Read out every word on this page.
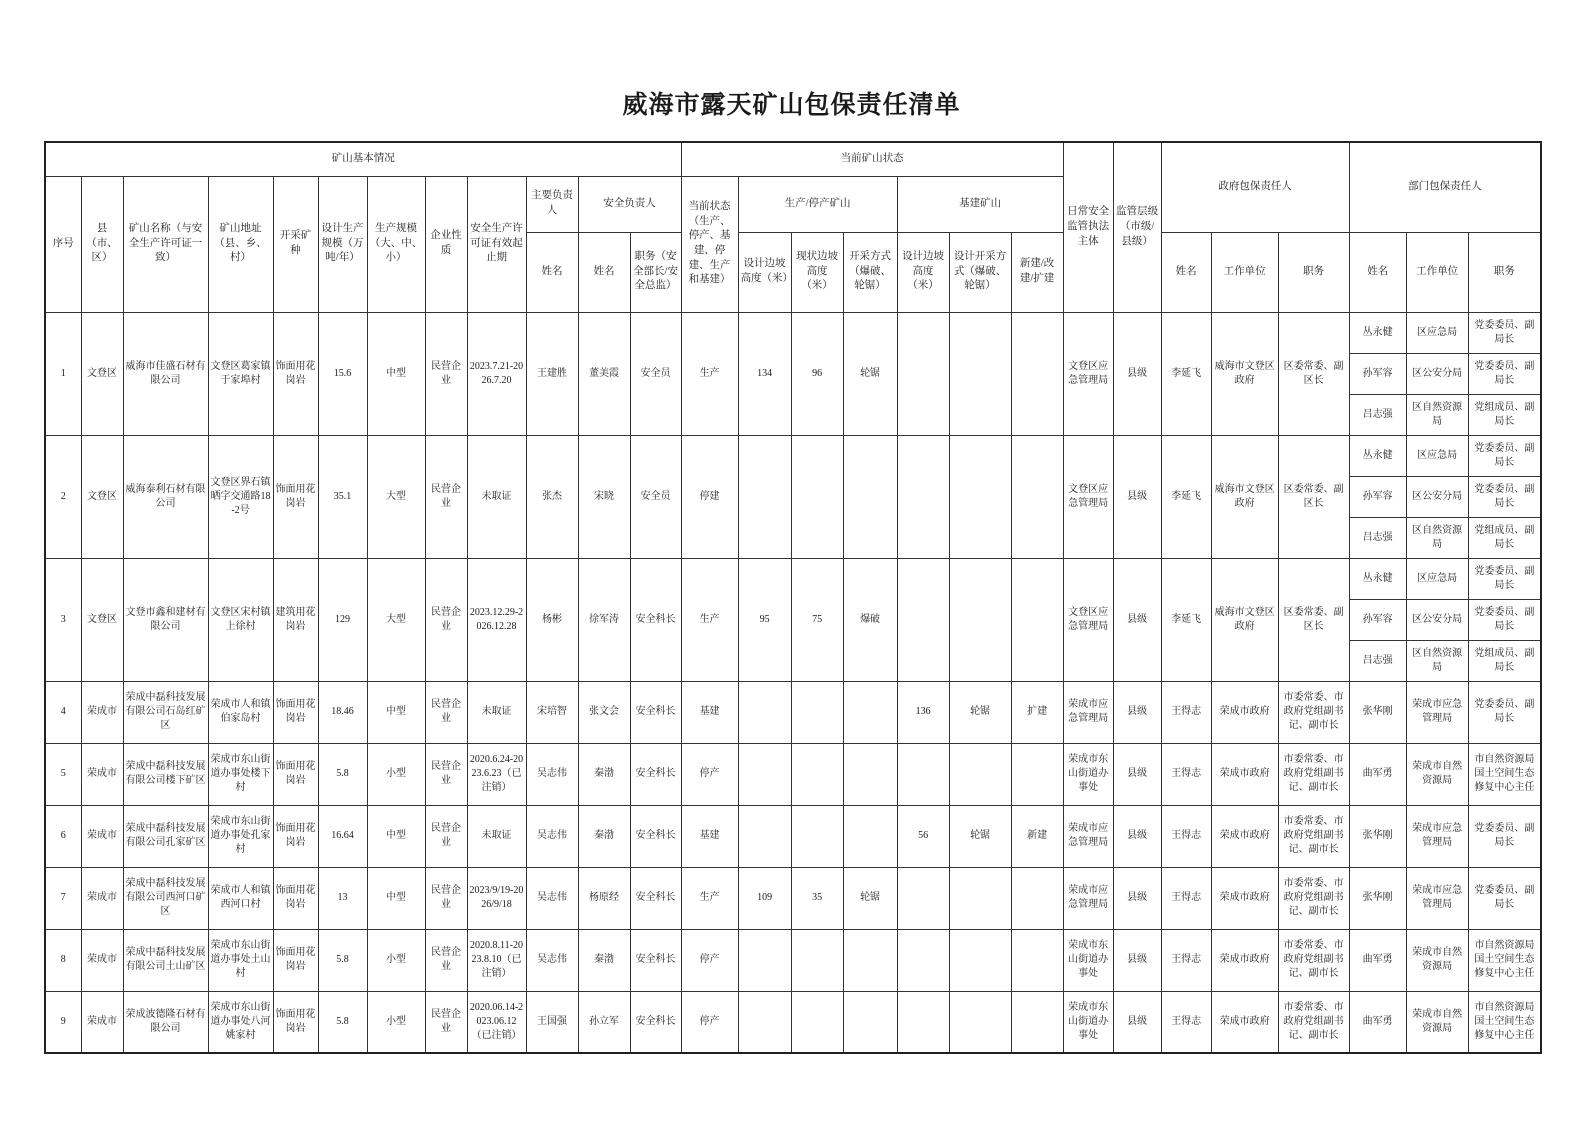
威海市露天矿山包保责任清单
矿山基本情况												当前矿山状态							日常安全监管执法主体	监管层级（市级/县级）	政府包保责任人			部门包保责任人		
序号	县（市、区）	矿山名称（与安全生产许可证一致）	矿山地址（县、乡、村）	开采矿种	设计生产规模（万吨/年）	生产规模（大、中、小）	企业性质	安全生产许可证有效起止期	主要负责人	安全负责人		当前状态（生产、停产、基建、停建、生产和基建）	生产/停产矿山			基建矿山										
									姓名	姓名	职务（安全部长/安全总监）		设计边坡高度（米）	现状边坡高度（米）	开采方式（爆破、轮锯）	设计边坡高度（米）	设计开采方式（爆破、轮锯）	新建/改建/扩建			姓名	工作单位	职务	姓名	工作单位	职务
1	文登区	威海市佳盛石材有限公司	文登区葛家镇于家埠村	饰面用花岗岩	15.6	中型	民营企业	2023.7.21-2026.7.20	王建胜	董美霞	安全员	生产	134	96	轮锯				文登区应急管理局	县级	李延飞	威海市文登区政府	区委常委、副区长	丛永健	区应急局	党委委员、副局长
																								孙军容	区公安分局	党委委员、副局长
																								吕志强	区自然资源局	党组成员、副局长
2	文登区	威海泰利石材有限公司	文登区界石镇晒字交通路18-2号	饰面用花岗岩	35.1	大型	民营企业	未取证	张杰	宋晓	安全员	停建							文登区应急管理局	县级	李延飞	威海市文登区政府	区委常委、副区长	丛永健	区应急局	党委委员、副局长
																								孙军容	区公安分局	党委委员、副局长
																								吕志强	区自然资源局	党组成员、副局长
3	文登区	文登市鑫和建材有限公司	文登区宋村镇上徐村	建筑用花岗岩	129	大型	民营企业	2023.12.29-2026.12.28	杨彬	徐军涛	安全科长	生产	95	75	爆破				文登区应急管理局	县级	李延飞	威海市文登区政府	区委常委、副区长	丛永健	区应急局	党委委员、副局长
																								孙军容	区公安分局	党委委员、副局长
																								吕志强	区自然资源局	党组成员、副局长
4	荣成市	荣成中磊科技发展有限公司石岛红矿区	荣成市人和镇伯家岛村	饰面用花岗岩	18.46	中型	民营企业	未取证	宋培智	张文会	安全科长	基建				136	轮锯	扩建	荣成市应急管理局	县级	王得志	荣成市政府	市委常委、市政府党组副书记、副市长	张华刚	荣成市应急管理局	党委委员、副局长
5	荣成市	荣成中磊科技发展有限公司楼下矿区	荣成市东山街道办事处楼下村	饰面用花岗岩	5.8	小型	民营企业	2020.6.24-2023.6.23（已注销）	吴志伟	秦渤	安全科长	停产							荣成市东山街道办事处	县级	王得志	荣成市政府	市委常委、市政府党组副书记、副市长	曲军勇	荣成市自然资源局	市自然资源局国土空间生态修复中心主任
6	荣成市	荣成中磊科技发展有限公司孔家矿区	荣成市东山街道办事处孔家村	饰面用花岗岩	16.64	中型	民营企业	未取证	吴志伟	秦渤	安全科长	基建				56	轮锯	新建	荣成市应急管理局	县级	王得志	荣成市政府	市委常委、市政府党组副书记、副市长	张华刚	荣成市应急管理局	党委委员、副局长
7	荣成市	荣成中磊科技发展有限公司西河口矿区	荣成市人和镇西河口村	饰面用花岗岩	13	中型	民营企业	2023/9/19-2026/9/18	吴志伟	杨原经	安全科长	生产	109	35	轮锯				荣成市应急管理局	县级	王得志	荣成市政府	市委常委、市政府党组副书记、副市长	张华刚	荣成市应急管理局	党委委员、副局长
8	荣成市	荣成中磊科技发展有限公司土山矿区	荣成市东山街道办事处土山村	饰面用花岗岩	5.8	小型	民营企业	2020.8.11-2023.8.10（已注销）	吴志伟	秦渤	安全科长	停产							荣成市东山街道办事处	县级	王得志	荣成市政府	市委常委、市政府党组副书记、副市长	曲军勇	荣成市自然资源局	市自然资源局国土空间生态修复中心主任
9	荣成市	荣成波德隆石材有限公司	荣成市东山街道办事处八河姚家村	饰面用花岗岩	5.8	小型	民营企业	2020.06.14-2023.06.12（已注销）	王国强	孙立军	安全科长	停产							荣成市东山街道办事处	县级	王得志	荣成市政府	市委常委、市政府党组副书记、副市长	曲军勇	荣成市自然资源局	市自然资源局国土空间生态修复中心主任
